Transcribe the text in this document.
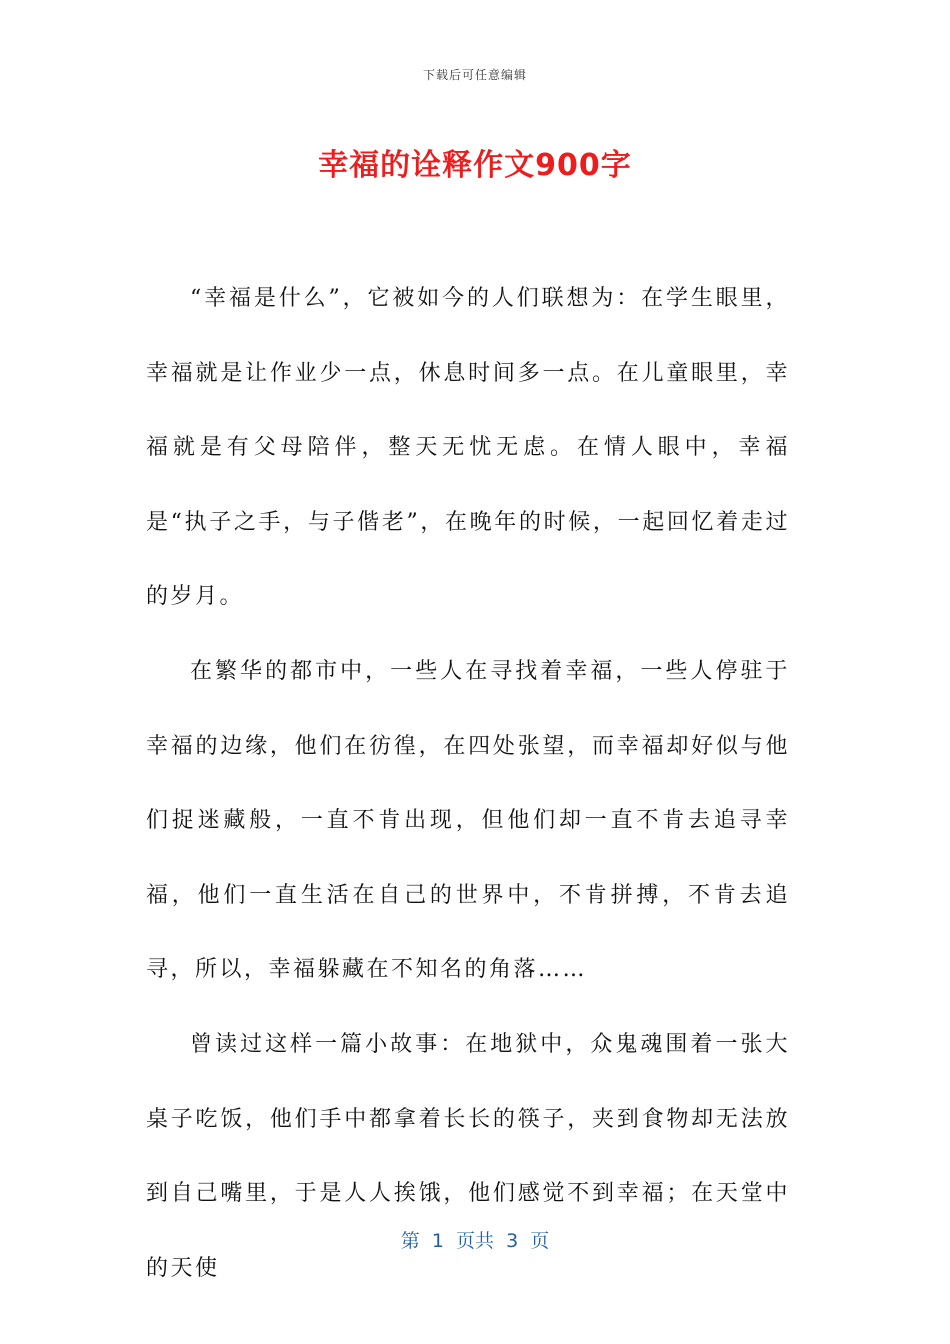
下载后可任意编辑
幸福的诠释作文900字

“幸福是什么”，它被如今的人们联想为：在学生眼里，幸福就是让作业少一点，休息时间多一点。在儿童眼里，幸福就是有父母陪伴，整天无忧无虑。在情人眼中，幸福是“执子之手，与子偕老”，在晚年的时候，一起回忆着走过的岁月。

在繁华的都市中，一些人在寻找着幸福，一些人停驻于幸福的边缘，他们在彷徨，在四处张望，而幸福却好似与他们捉迷藏般，一直不肯出现，但他们却一直不肯去追寻幸福，他们一直生活在自己的世界中，不肯拼搏，不肯去追寻，所以，幸福躲藏在不知名的角落……

曾读过这样一篇小故事：在地狱中，众鬼魂围着一张大桌子吃饭，他们手中都拿着长长的筷子，夹到食物却无法放到自己嘴里，于是人人挨饿，他们感觉不到幸福；在天堂中的天使

第  1  页共  3  页
